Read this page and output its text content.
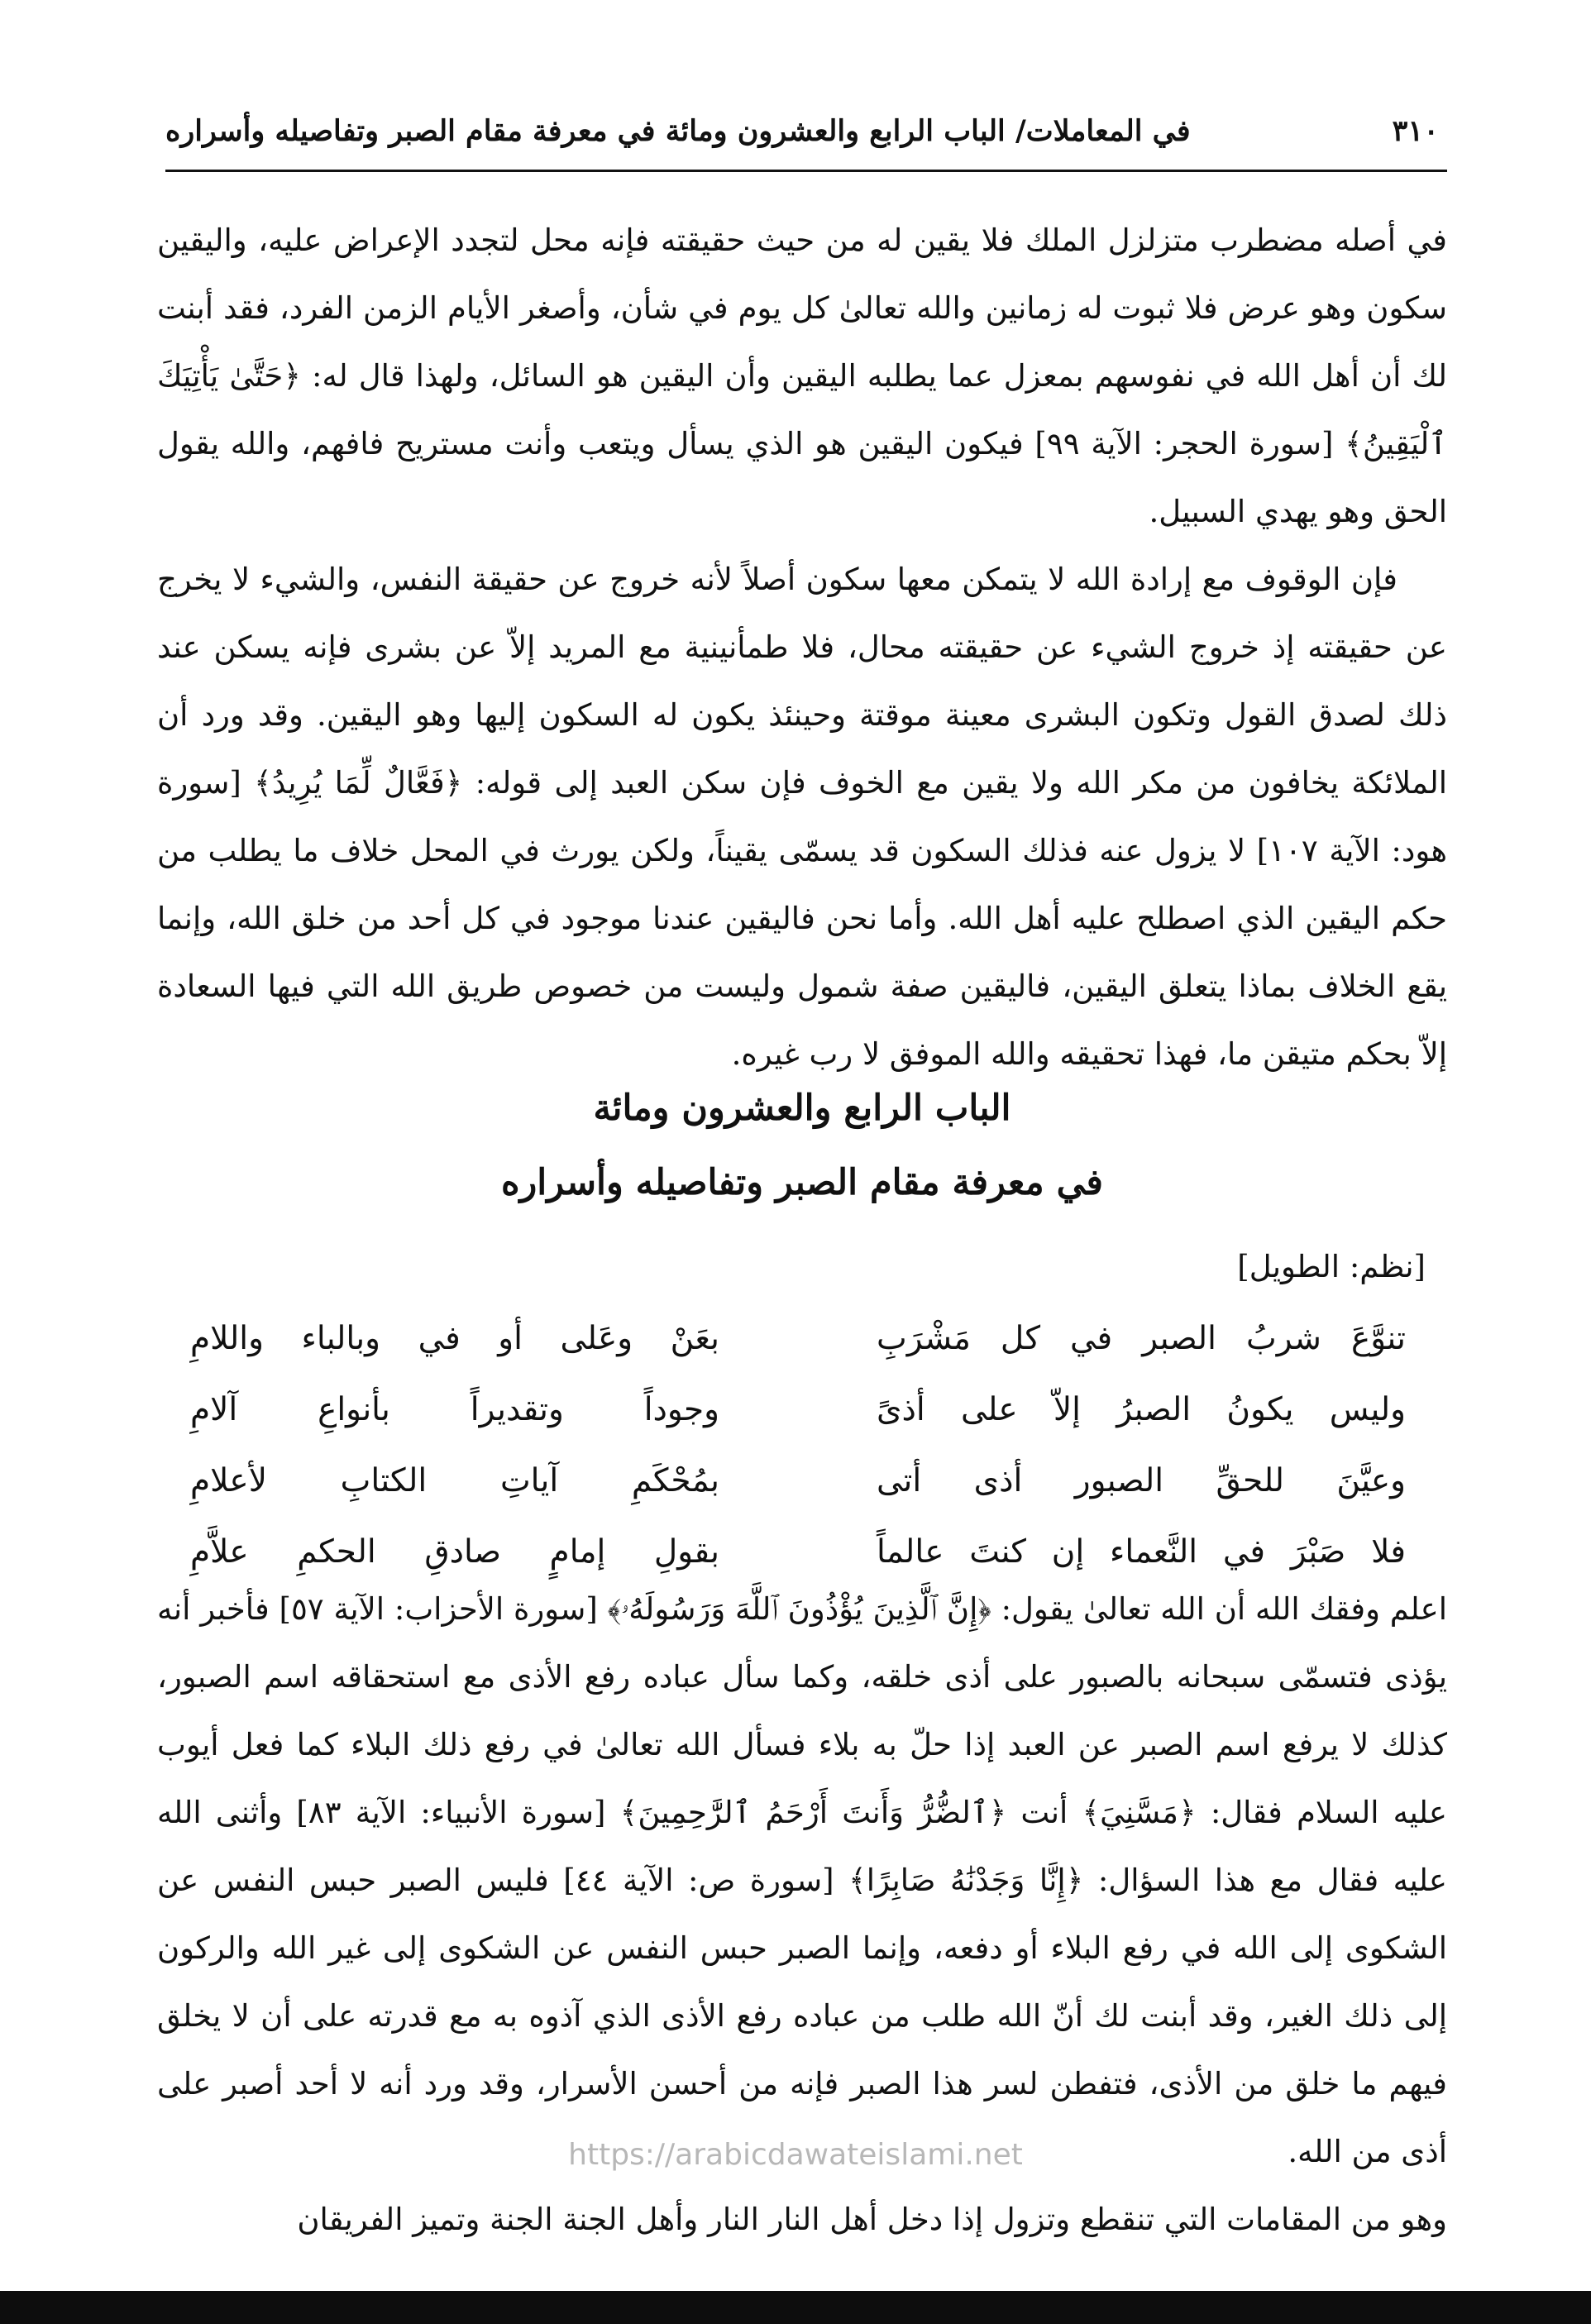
٣١٠
في المعاملات/ الباب الرابع والعشرون ومائة في معرفة مقام الصبر وتفاصيله وأسراره

في أصله مضطرب متزلزل الملك فلا يقين له من حيث حقيقته فإنه محل لتجدد الإعراض عليه، واليقين سكون وهو عرض فلا ثبوت له زمانين والله تعالىٰ كل يوم في شأن، وأصغر الأيام الزمن الفرد، فقد أبنت لك أن أهل الله في نفوسهم بمعزل عما يطلبه اليقين وأن اليقين هو السائل، ولهذا قال له: ﴿حَتَّىٰ يَأْتِيَكَ ٱلْيَقِينُ﴾ [سورة الحجر: الآية ٩٩] فيكون اليقين هو الذي يسأل ويتعب وأنت مستريح فافهم، والله يقول الحق وهو يهدي السبيل.

فإن الوقوف مع إرادة الله لا يتمكن معها سكون أصلاً لأنه خروج عن حقيقة النفس، والشيء لا يخرج عن حقيقته إذ خروج الشيء عن حقيقته محال، فلا طمأنينية مع المريد إلاّ عن بشرى فإنه يسكن عند ذلك لصدق القول وتكون البشرى معينة موقتة وحينئذ يكون له السكون إليها وهو اليقين. وقد ورد أن الملائكة يخافون من مكر الله ولا يقين مع الخوف فإن سكن العبد إلى قوله: ﴿فَعَّالٌ لِّمَا يُرِيدُ﴾ [سورة هود: الآية ١٠٧] لا يزول عنه فذلك السكون قد يسمّى يقيناً، ولكن يورث في المحل خلاف ما يطلب من حكم اليقين الذي اصطلح عليه أهل الله. وأما نحن فاليقين عندنا موجود في كل أحد من خلق الله، وإنما يقع الخلاف بماذا يتعلق اليقين، فاليقين صفة شمول وليست من خصوص طريق الله التي فيها السعادة إلاّ بحكم متيقن ما، فهذا تحقيقه والله الموفق لا رب غيره.

الباب الرابع والعشرون ومائة
في معرفة مقام الصبر وتفاصيله وأسراره
[نظم: الطويل]
تنوَّعَ شربُ الصبر في كل مَشْرَبِ
بعَنْ وعَلى أو في وبالباء واللامِ
وليس يكونُ الصبرُ إلاّ على أذىً
وجوداً وتقديراً بأنواعِ آلامِ
وعيَّنَ للحقِّ الصبور أذى أتى
بمُحْكَمِ آياتِ الكتابِ لأعلامِ
فلا صَبْرَ في النَّعماء إن كنتَ عالماً
بقولِ إمامٍ صادقِ الحكمِ علاَّمِ

اعلم وفقك الله أن الله تعالىٰ يقول: ﴿إِنَّ ٱلَّذِينَ يُؤْذُونَ ٱللَّهَ وَرَسُولَهُۥ﴾ [سورة الأحزاب: الآية ٥٧] فأخبر أنه يؤذى فتسمّى سبحانه بالصبور على أذى خلقه، وكما سأل عباده رفع الأذى مع استحقاقه اسم الصبور، كذلك لا يرفع اسم الصبر عن العبد إذا حلّ به بلاء فسأل الله تعالىٰ في رفع ذلك البلاء كما فعل أيوب عليه السلام فقال: ﴿مَسَّنِيَ﴾ أنت ﴿ٱلضُّرُّ وَأَنتَ أَرْحَمُ ٱلرَّٰحِمِينَ﴾ [سورة الأنبياء: الآية ٨٣] وأثنى الله عليه فقال مع هذا السؤال: ﴿إِنَّا وَجَدْنَٰهُ صَابِرًا﴾ [سورة ص: الآية ٤٤] فليس الصبر حبس النفس عن الشكوى إلى الله في رفع البلاء أو دفعه، وإنما الصبر حبس النفس عن الشكوى إلى غير الله والركون إلى ذلك الغير، وقد أبنت لك أنّ الله طلب من عباده رفع الأذى الذي آذوه به مع قدرته على أن لا يخلق فيهم ما خلق من الأذى، فتفطن لسر هذا الصبر فإنه من أحسن الأسرار، وقد ورد أنه لا أحد أصبر على أذى من الله.

وهو من المقامات التي تنقطع وتزول إذا دخل أهل النار النار وأهل الجنة الجنة وتميز الفريقان

https://arabicdawateislami.net
